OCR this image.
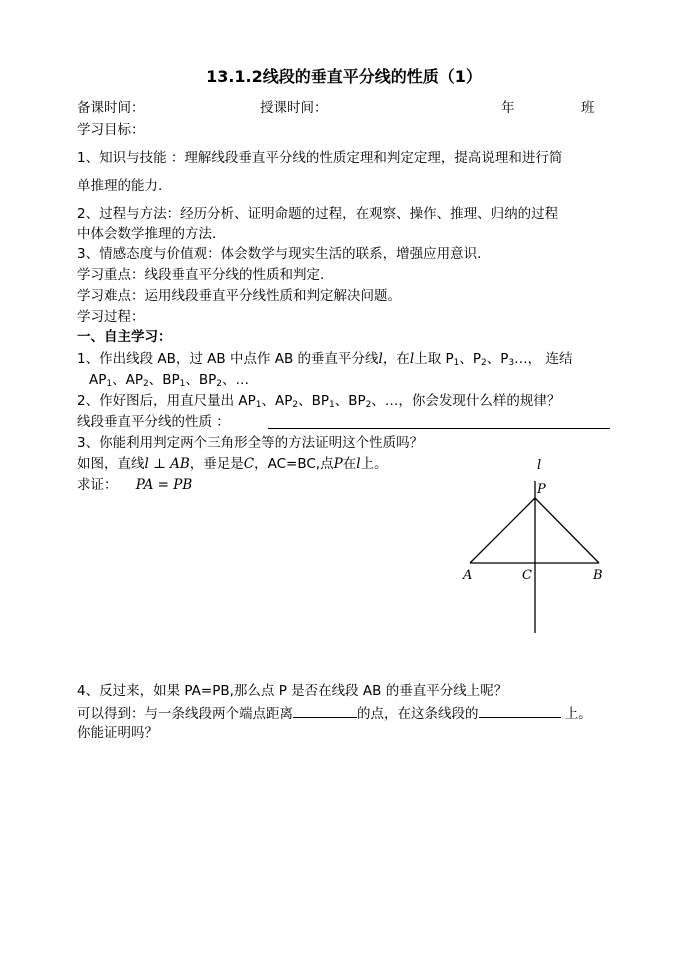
13.1.2线段的垂直平分线的性质（1）
备课时间：	授课时间：	年	班
学习目标：
1、知识与技能 ：理解线段垂直平分线的性质定理和判定定理，提高说理和进行简
单推理的能力.
2、过程与方法：经历分析、证明命题的过程，在观察、操作、推理、归纳的过程
中体会数学推理的方法.
3、情感态度与价值观：体会数学与现实生活的联系，增强应用意识.
学习重点：线段垂直平分线的性质和判定.
学习难点：运用线段垂直平分线性质和判定解决问题。
学习过程：
一、自主学习：
1、作出线段 AB，过 AB 中点作 AB 的垂直平分线l，在l上取 $P_1$、$P_2$、$P_3\dots$， 连结
$AP_1$、$AP_2$、$BP_1$、$BP_2$、…
2、作好图后，用直尺量出 $AP_1$、$AP_2$、$BP_1$、$BP_2$、…，你会发现什么样的规律？
线段垂直平分线的性质 ：
3、你能利用判定两个三角形全等的方法证明这个性质吗？
如图，直线l ⊥ AB，垂足是C，AC=BC,点P在l上。
求证： PA = PB
l
P
A	C	B
4、反过来，如果 PA=PB,那么点 P 是否在线段 AB 的垂直平分线上呢？
可以得到：与一条线段两个端点距离	的点，在这条线段的	上。
你能证明吗？
